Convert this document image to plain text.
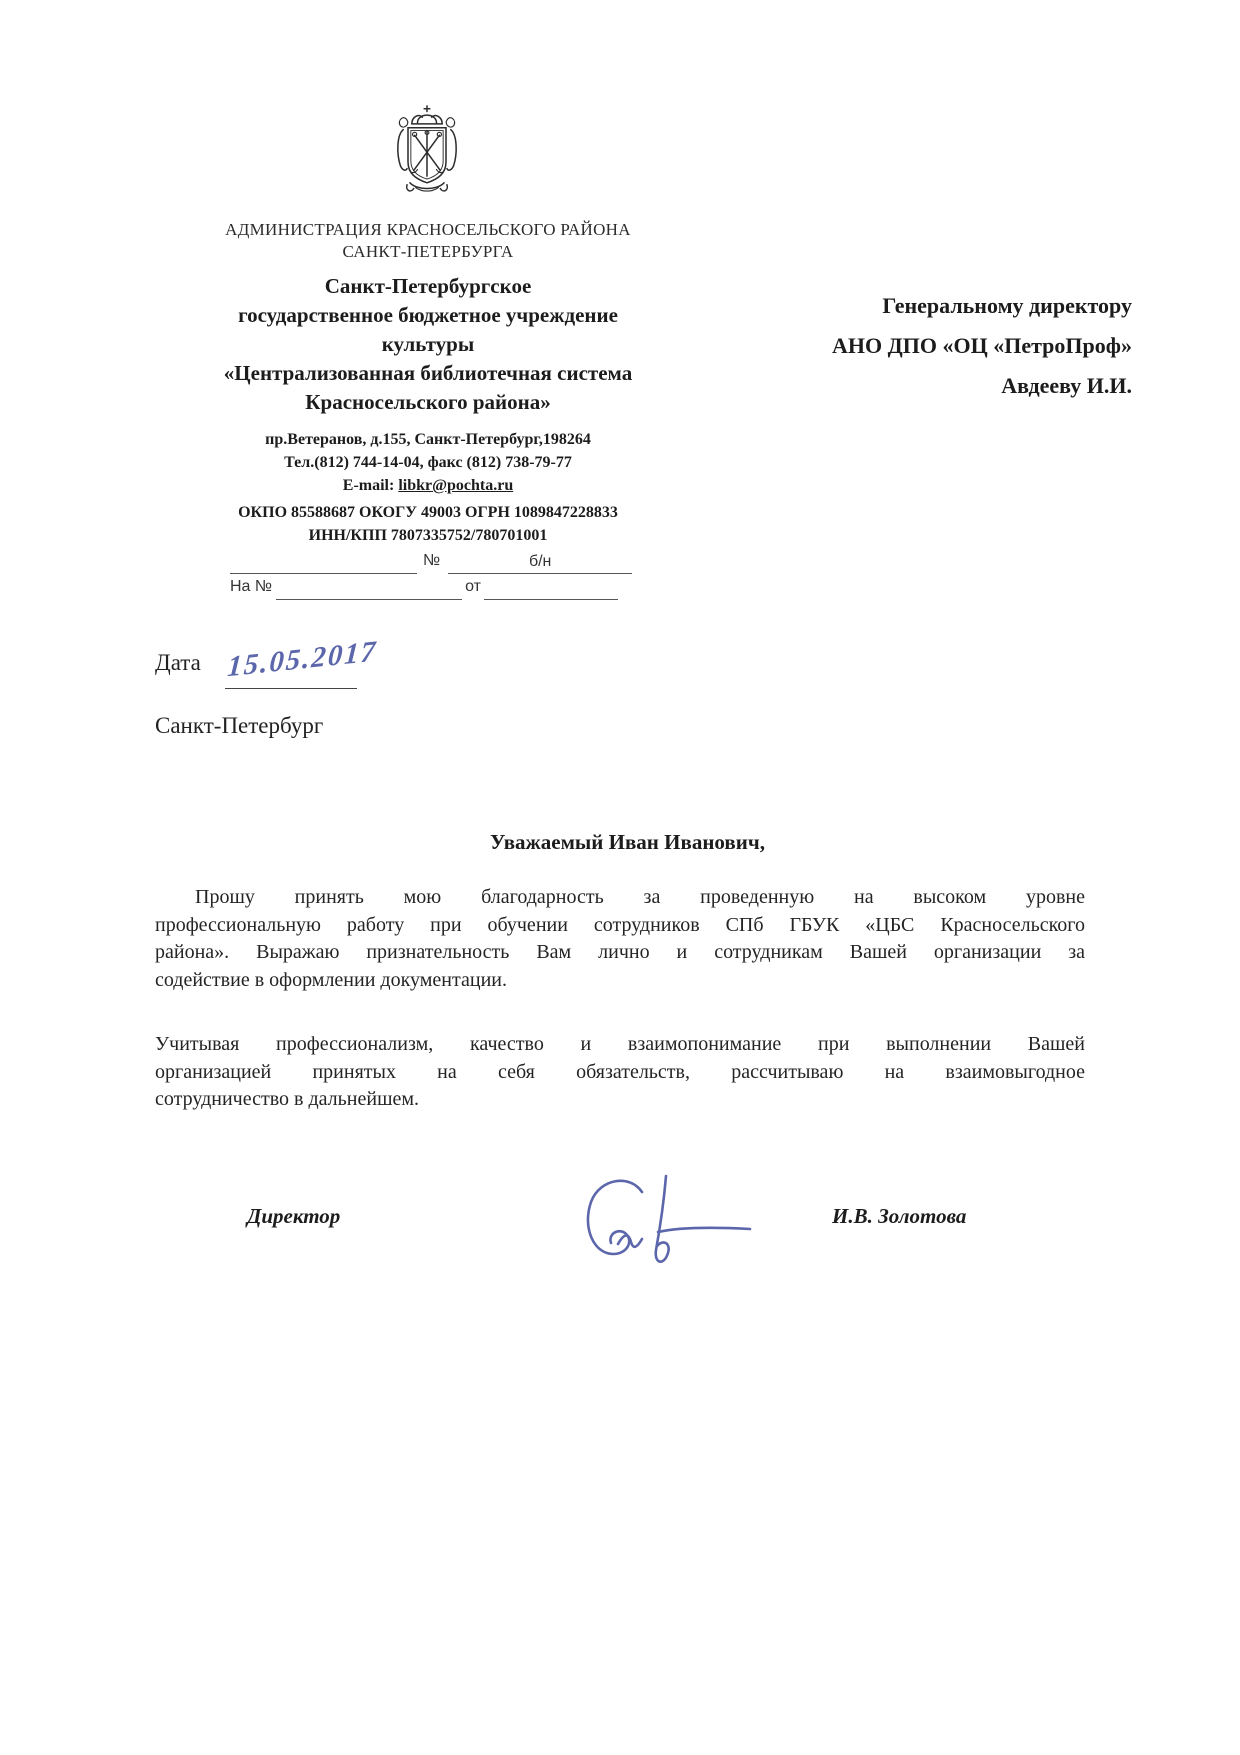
АДМИНИСТРАЦИЯ КРАСНОСЕЛЬСКОГО РАЙОНА
САНКТ-ПЕТЕРБУРГА
Санкт-Петербургское
государственное бюджетное учреждение
культуры
«Централизованная библиотечная система
Красносельского района»
пр.Ветеранов, д.155, Санкт-Петербург,198264
Тел.(812) 744-14-04, факс (812) 738-79-77
E-mail: libkr@pochta.ru
ОКПО 85588687 ОКОГУ 49003 ОГРН 1089847228833
ИНН/КПП 7807335752/780701001
№	б/н
На №	от
Генеральному директору
АНО ДПО «ОЦ «ПетроПроф»
Авдееву И.И.
Дата 15.05.2017
Санкт-Петербург
Уважаемый Иван Иванович,
Прошу принять мою благодарность за проведенную на высоком уровне
профессиональную работу при обучении сотрудников СПб ГБУК «ЦБС Красносельского
района». Выражаю признательность Вам лично и сотрудникам Вашей организации за
содействие в оформлении документации.
Учитывая профессионализм, качество и взаимопонимание при выполнении Вашей
организацией принятых на себя обязательств, рассчитываю на взаимовыгодное
сотрудничество в дальнейшем.
Директор	И.В. Золотова
